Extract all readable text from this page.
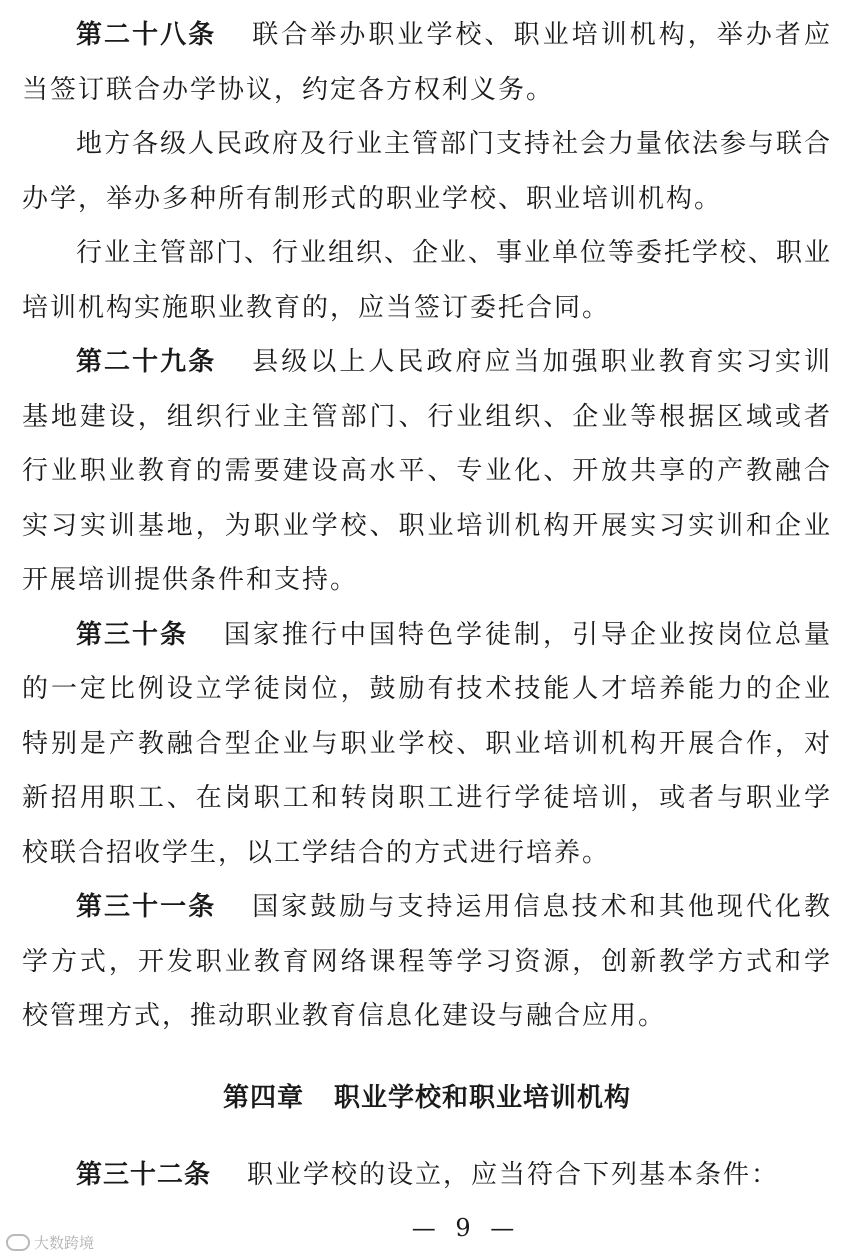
第二十八条 联合举办职业学校、职业培训机构，举办者应当签订联合办学协议，约定各方权利义务。

地方各级人民政府及行业主管部门支持社会力量依法参与联合办学，举办多种所有制形式的职业学校、职业培训机构。

行业主管部门、行业组织、企业、事业单位等委托学校、职业培训机构实施职业教育的，应当签订委托合同。

第二十九条 县级以上人民政府应当加强职业教育实习实训基地建设，组织行业主管部门、行业组织、企业等根据区域或者行业职业教育的需要建设高水平、专业化、开放共享的产教融合实习实训基地，为职业学校、职业培训机构开展实习实训和企业开展培训提供条件和支持。

第三十条 国家推行中国特色学徒制，引导企业按岗位总量的一定比例设立学徒岗位，鼓励有技术技能人才培养能力的企业特别是产教融合型企业与职业学校、职业培训机构开展合作，对新招用职工、在岗职工和转岗职工进行学徒培训，或者与职业学校联合招收学生，以工学结合的方式进行培养。

第三十一条 国家鼓励与支持运用信息技术和其他现代化教学方式，开发职业教育网络课程等学习资源，创新教学方式和学校管理方式，推动职业教育信息化建设与融合应用。

第四章 职业学校和职业培训机构

第三十二条 职业学校的设立，应当符合下列基本条件：

— 9 —
大数跨境
